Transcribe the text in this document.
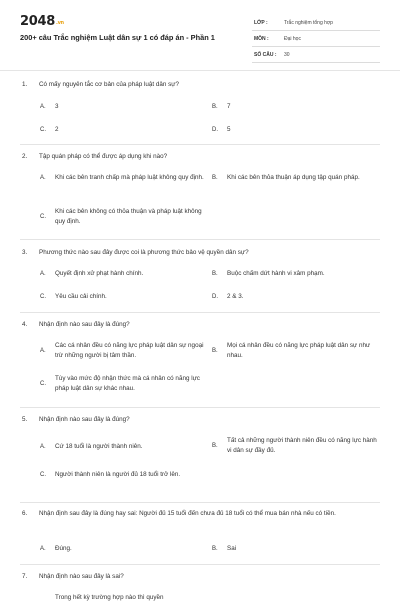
2048.vn
200+ câu Trắc nghiệm Luật dân sự 1 có đáp án - Phần 1
LỚP :	Trắc nghiệm tổng hợp
MÔN :	Đại học
SỐ CÂU :	30
1. Có mấy nguyên tắc cơ bản của pháp luật dân sự?
A.	3	B.	7
C.	2	D.	5
2. Tập quán pháp có thể được áp dụng khi nào?
A.	Khi các bên tranh chấp mà pháp luật không quy định. B.	Khi các bên thỏa thuận áp dụng tập quán pháp.
C.
Khi các bên không có thỏa thuận và pháp luật không quy định.
3. Phương thức nào sau đây được coi là phương thức bảo vệ quyền dân sự?
A.	Quyết định xử phạt hành chính.	B.	Buộc chấm dứt hành vi xâm phạm.
C.	Yêu cầu cải chính.	D.	2 & 3.
4. Nhận định nào sau đây là đúng?
A.
Các cá nhân đều có năng lực pháp luật dân sự ngoại trừ những người bị tâm thần.
B.
Mọi cá nhân đều có năng lực pháp luật dân sự như nhau.
C.
Tùy vào mức độ nhận thức mà cá nhân có năng lực pháp luật dân sự khác nhau.
5. Nhận định nào sau đây là đúng?
A.	Cứ 18 tuổi là người thành niên.	B.
Tất cả những người thành niên đều có năng lực hành vi dân sự đầy đủ.
C.	Người thành niên là người đủ 18 tuổi trở lên.
6. Nhận định sau đây là đúng hay sai: Người đủ 15 tuổi đến chưa đủ 18 tuổi có thể mua bán nhà nếu có tiền.
A.	Đúng.	B.	Sai
7. Nhận định nào sau đây là sai?
Trong hết kỳ trường hợp nào thì quyền
